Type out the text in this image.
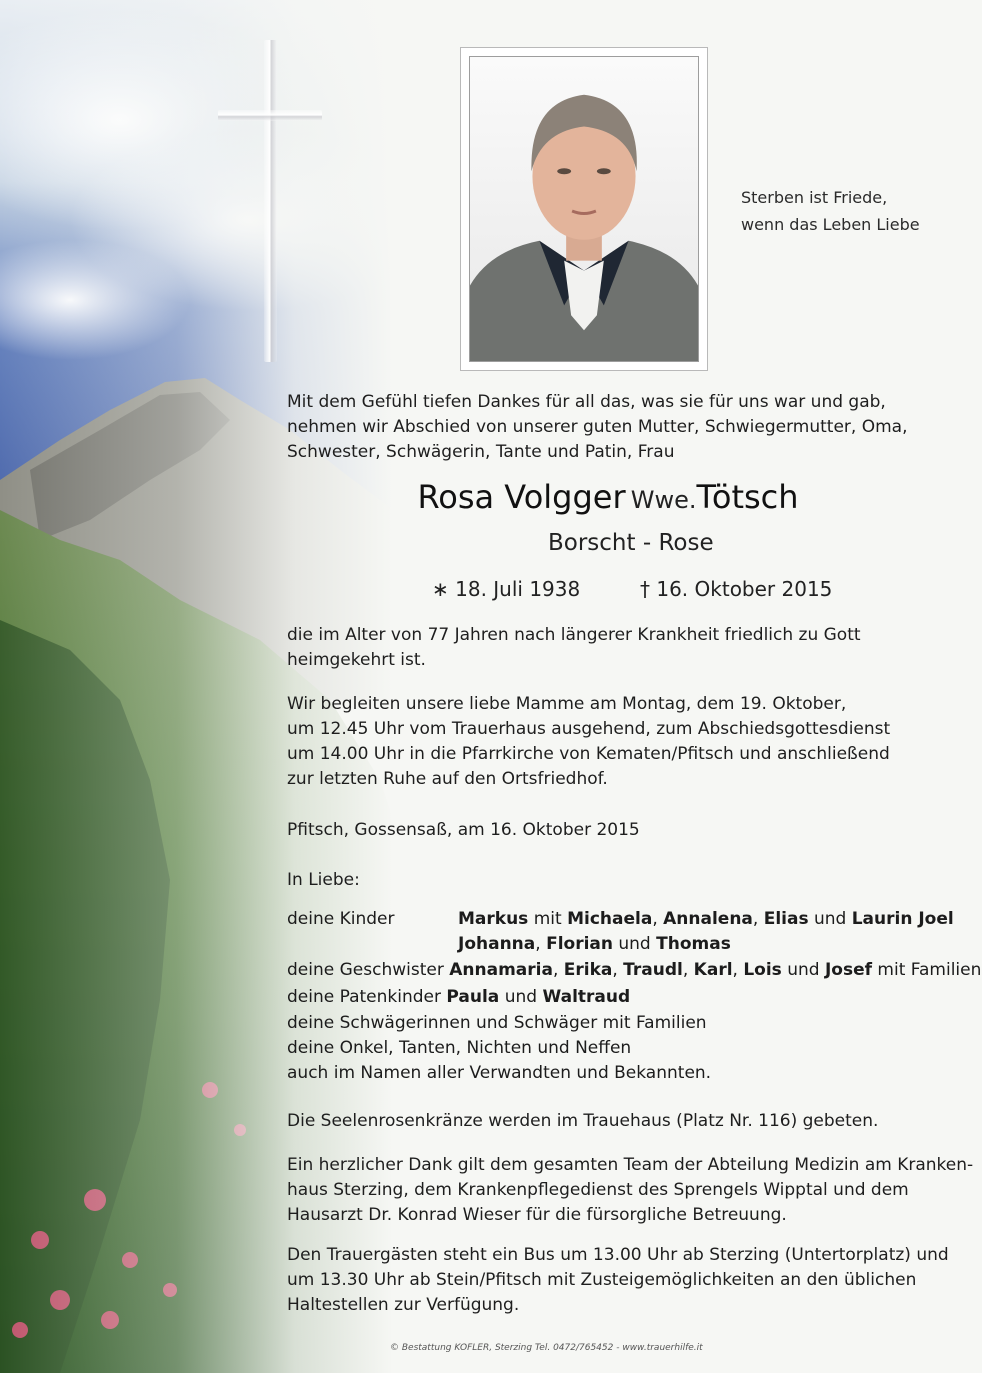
Sterben ist Friede,
wenn das Leben Liebe
Mit dem Gefühl tiefen Dankes für all das, was sie für uns war und gab,
nehmen wir Abschied von unserer guten Mutter, Schwiegermutter, Oma,
Schwester, Schwägerin, Tante und Patin, Frau
Rosa Volgger Wwe.Tötsch
Borscht - Rose
∗ 18. Juli 1938	† 16. Oktober 2015
die im Alter von 77 Jahren nach längerer Krankheit friedlich zu Gott
heimgekehrt ist.
Wir begleiten unsere liebe Mamme am Montag, dem 19. Oktober,
um 12.45 Uhr vom Trauerhaus ausgehend, zum Abschiedsgottesdienst
um 14.00 Uhr in die Pfarrkirche von Kematen/Pfitsch und anschließend
zur letzten Ruhe auf den Ortsfriedhof.
Pfitsch, Gossensaß, am 16. Oktober 2015
In Liebe:
deine Kinder	Markus mit Michaela, Annalena, Elias und Laurin Joel
Johanna, Florian und Thomas
deine Geschwister Annamaria, Erika, Traudl, Karl, Lois und Josef mit Familien
deine Patenkinder Paula und Waltraud
deine Schwägerinnen und Schwäger mit Familien
deine Onkel, Tanten, Nichten und Neffen
auch im Namen aller Verwandten und Bekannten.
Die Seelenrosenkränze werden im Trauehaus (Platz Nr. 116) gebeten.
Ein herzlicher Dank gilt dem gesamten Team der Abteilung Medizin am Kranken-
haus Sterzing, dem Krankenpflegedienst des Sprengels Wipptal und dem
Hausarzt Dr. Konrad Wieser für die fürsorgliche Betreuung.
Den Trauergästen steht ein Bus um 13.00 Uhr ab Sterzing (Untertorplatz) und
um 13.30 Uhr ab Stein/Pfitsch mit Zusteigemöglichkeiten an den üblichen
Haltestellen zur Verfügung.
© Bestattung KOFLER, Sterzing Tel. 0472/765452 - www.trauerhilfe.it
